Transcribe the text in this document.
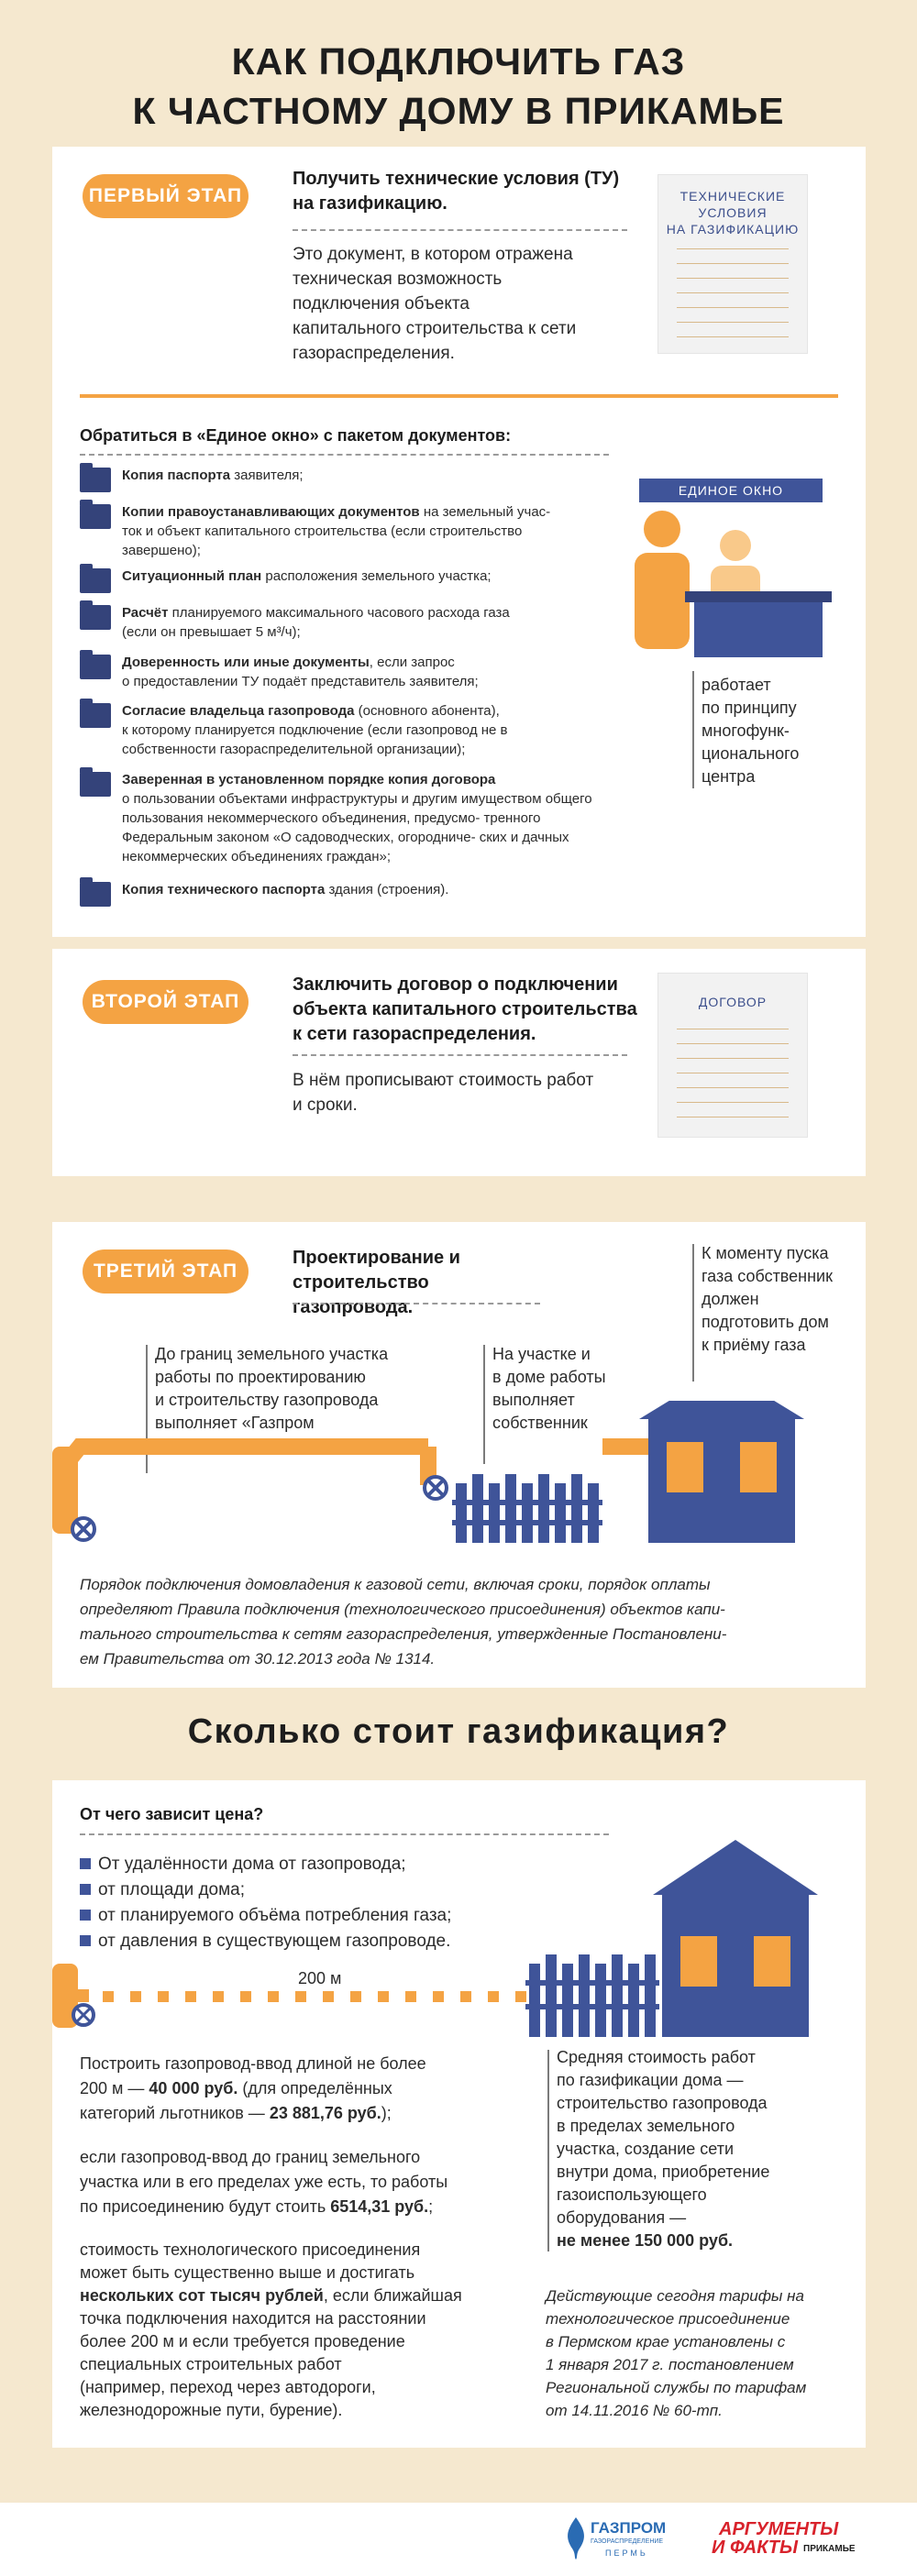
КАК ПОДКЛЮЧИТЬ ГАЗ
К ЧАСТНОМУ ДОМУ В ПРИКАМЬЕ
ПЕРВЫЙ ЭТАП
Получить технические условия (ТУ)
на газификацию.
Это документ, в котором отражена
техническая возможность
подключения объекта
капитального строительства к сети
газораспределения.
ТЕХНИЧЕСКИЕ
УСЛОВИЯ
НА ГАЗИФИКАЦИЮ
Обратиться в «Единое окно» с пакетом документов:
Копия паспорта заявителя;
Копии правоустанавливающих документов на земельный учас-
ток и объект капитального строительства (если строительство завершено);
Ситуационный план расположения земельного участка;
Расчёт планируемого максимального часового расхода газа
(если он превышает 5 м³/ч);
Доверенность или иные документы, если запрос
о предоставлении ТУ подаёт представитель заявителя;
Согласие владельца газопровода (основного абонента),
к которому планируется подключение (если газопровод не в собственности газораспределительной организации);
Заверенная в установленном порядке копия договора
о пользовании объектами инфраструктуры и другим имуществом общего пользования некоммерческого объединения, предусмо- тренного Федеральным законом «О садоводческих, огородниче- ских и дачных некоммерческих объединениях граждан»;
Копия технического паспорта здания (строения).
ЕДИНОЕ ОКНО
работает
по принципу
многофунк-
ционального
центра
ВТОРОЙ ЭТАП
Заключить договор о подключении
объекта капитального строительства
к сети газораспределения.
В нём прописывают стоимость работ
и сроки.
ДОГОВОР
ТРЕТИЙ ЭТАП
Проектирование и строительство
газопровода.
К моменту пуска
газа собственник
должен
подготовить дом
к приёму газа
До границ земельного участка
работы по проектированию
и строительству газопровода
выполняет «Газпром
газораспределение Пермь»
На участке и
в доме работы
выполняет
собственник
Порядок подключения домовладения к газовой сети, включая сроки, порядок оплаты
определяют Правила подключения (технологического присоединения) объектов капи-
тального строительства к сетям газораспределения, утвержденные Постановлени-
ем Правительства от 30.12.2013 года № 1314.
Сколько стоит газификация?
От чего зависит цена?
От удалённости дома от газопровода;
от площади дома;
от планируемого объёма потребления газа;
от давления в существующем газопроводе.
200 м
Построить газопровод-ввод длиной не более
200 м — 40 000 руб. (для определённых
категорий льготников — 23 881,76 руб.);
если газопровод-ввод до границ земельного
участка или в его пределах уже есть, то работы
по присоединению будут стоить 6514,31 руб.;
стоимость технологического присоединения
может быть существенно выше и достигать
нескольких сот тысяч рублей, если ближайшая
точка подключения находится на расстоянии
более 200 м и если требуется проведение
специальных строительных работ
(например, переход через автодороги,
железнодорожные пути, бурение).
Средняя стоимость работ
по газификации дома —
строительство газопровода
в пределах земельного
участка, создание сети
внутри дома, приобретение
газоиспользующего
оборудования —
не менее 150 000 руб.
Действующие сегодня тарифы на
технологическое присоединение
в Пермском крае установлены с
1 января 2017 г. постановлением
Региональной службы по тарифам
от 14.11.2016 № 60-тп.
ГАЗПРОМ
ГАЗОРАСПРЕДЕЛЕНИЕ
ПЕРМЬ
АРГУМЕНТЫ
И ФАКТЫ ПРИКАМЬЕ
